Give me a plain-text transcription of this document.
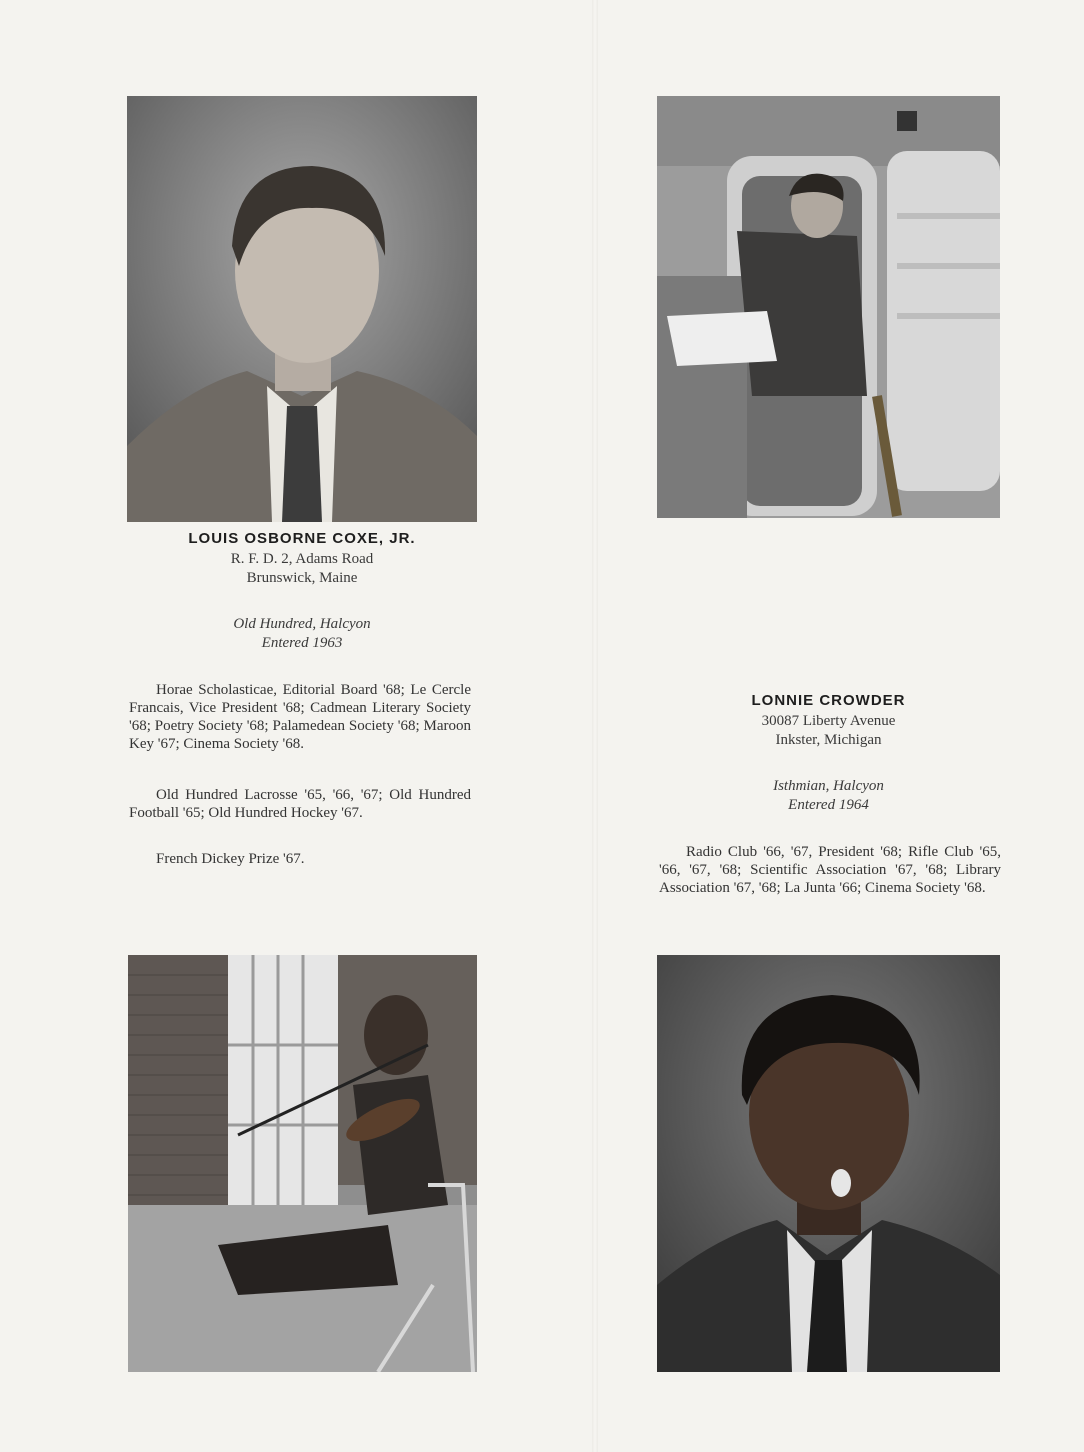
LOUIS OSBORNE COXE, JR.
R. F. D. 2, Adams Road
Brunswick, Maine
Old Hundred, Halcyon
Entered 1963

Horae Scholasticae, Editorial Board '68; Le Cercle Francais, Vice President '68; Cadmean Literary Society '68; Poetry Society '68; Palamedean Society '68; Maroon Key '67; Cinema Society '68.

Old Hundred Lacrosse '65, '66, '67; Old Hundred Football '65; Old Hundred Hockey '67.

French Dickey Prize '67.

LONNIE CROWDER
30087 Liberty Avenue
Inkster, Michigan
Isthmian, Halcyon
Entered 1964

Radio Club '66, '67, President '68; Rifle Club '65, '66, '67, '68; Scientific Association '67, '68; Library Association '67, '68; La Junta '66; Cinema Society '68.
